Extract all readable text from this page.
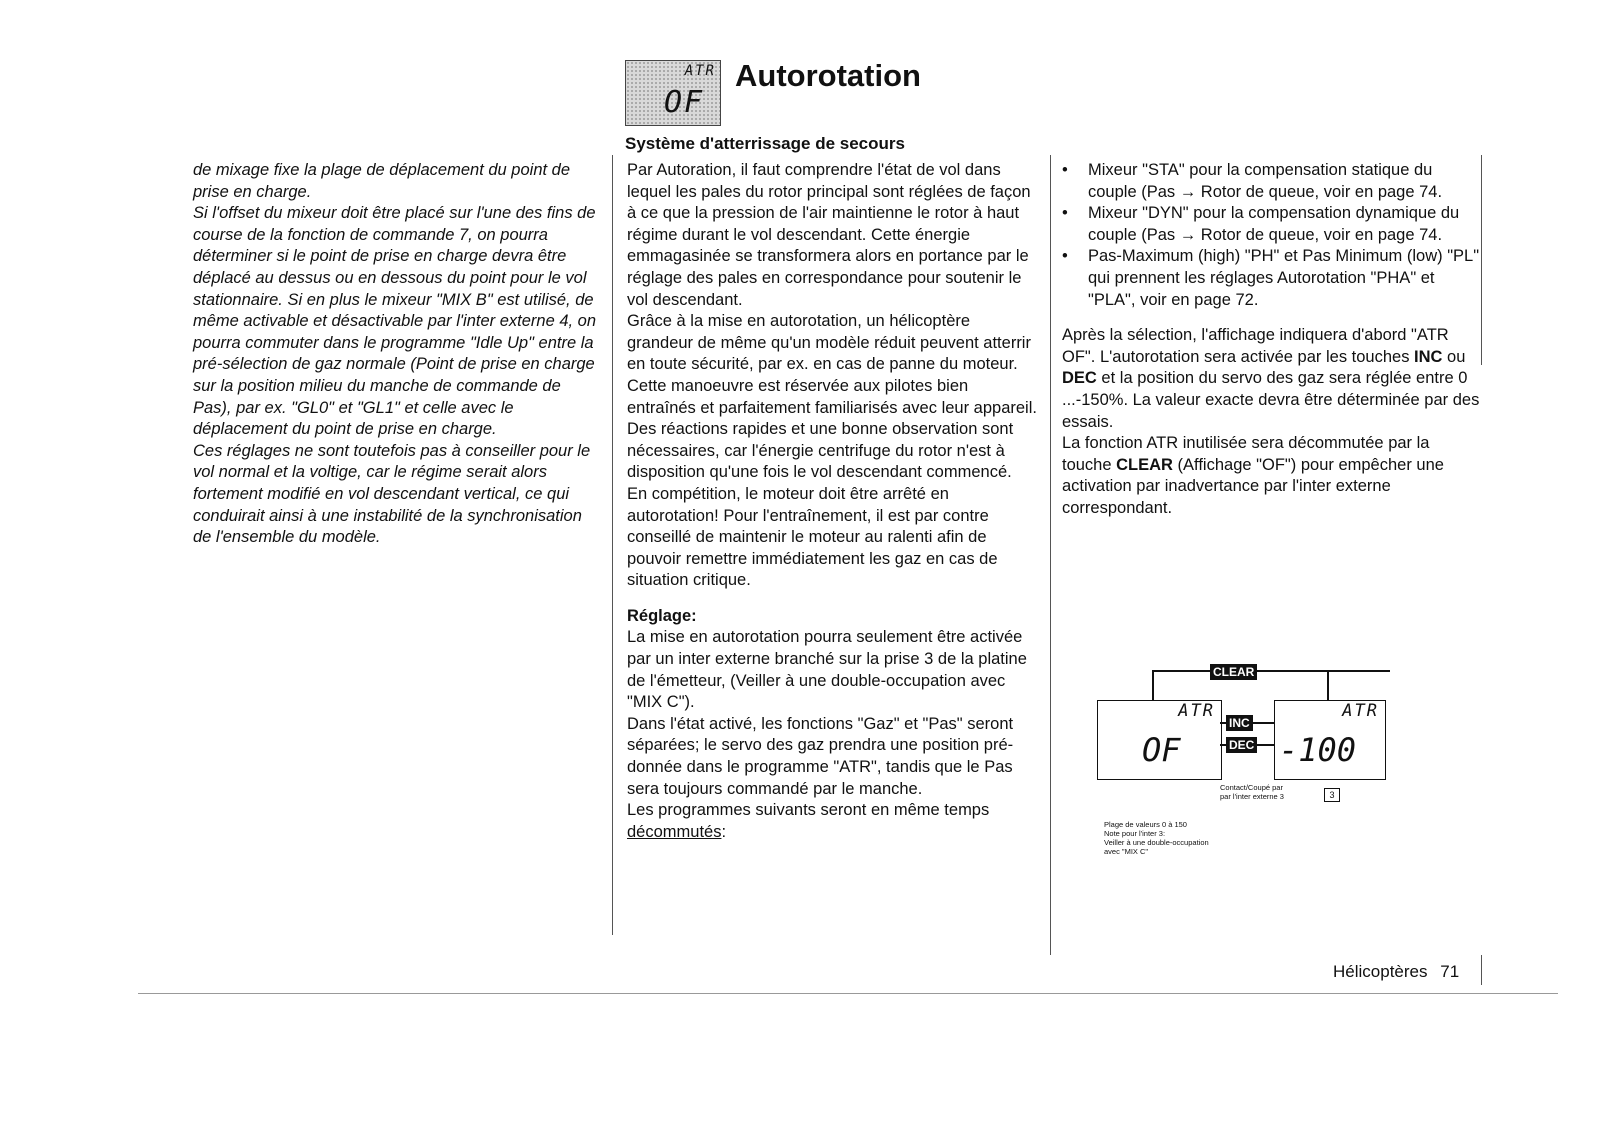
ATR
OF
Autorotation

de mixage fixe la plage de déplacement du point de prise en charge.

Si l'offset du mixeur doit être placé sur l'une des fins de course de la fonction de commande 7, on pourra déterminer si le point de prise en charge devra être déplacé au dessus ou en dessous du point pour le vol stationnaire. Si en plus le mixeur "MIX B" est utilisé, de même activable et désactivable par l'inter externe 4, on pourra commuter dans le programme "Idle Up" entre la pré-sélection de gaz normale (Point de prise en charge sur la position milieu du manche de commande de Pas), par ex. "GL0" et "GL1" et celle avec le déplacement du point de prise en charge.

Ces réglages ne sont toutefois pas à conseiller pour le vol normal et la voltige, car le régime serait alors fortement modifié en vol descendant vertical, ce qui conduirait ainsi à une instabilité de la synchronisation de l'ensemble du modèle.

Système d'atterrissage de secours

Par Autoration, il faut comprendre l'état de vol dans lequel les pales du rotor principal sont réglées de façon à ce que la pression de l'air maintienne le rotor à haut régime durant le vol descendant. Cette énergie emmagasinée se transformera alors en portance par le réglage des pales en correspondance pour soutenir le vol descendant.

Grâce à la mise en autorotation, un hélicoptère grandeur de même qu'un modèle réduit peuvent atterrir en toute sécurité, par ex. en cas de panne du moteur.

Cette manoeuvre est réservée aux pilotes bien entraînés et parfaitement familiarisés avec leur appareil. Des réactions rapides et une bonne observation sont nécessaires, car l'énergie centrifuge du rotor n'est à disposition qu'une fois le vol descendant commencé.

En compétition, le moteur doit être arrêté en autorotation! Pour l'entraînement, il est par contre conseillé de maintenir le moteur au ralenti afin de pouvoir remettre immédiatement les gaz en cas de situation critique.

Réglage:

La mise en autorotation pourra seulement être activée par un inter externe branché sur la prise 3 de la platine de l'émetteur, (Veiller à une double-occupation avec "MIX C").

Dans l'état activé, les fonctions "Gaz" et "Pas" seront séparées; le servo des gaz prendra une position pré-donnée dans le programme "ATR", tandis que le Pas sera toujours commandé par le manche.

Les programmes suivants seront en même temps décommutés:

• Mixeur "STA" pour la compensation statique du couple (Pas → Rotor de queue, voir en page 74.
• Mixeur "DYN" pour la compensation dynamique du couple (Pas → Rotor de queue, voir en page 74.
• Pas-Maximum (high) "PH" et Pas Minimum (low) "PL" qui prennent les réglages Autorotation "PHA" et "PLA", voir en page 72.

Après la sélection, l'affichage indiquera d'abord "ATR OF". L'autorotation sera activée par les touches INC ou DEC et la position du servo des gaz sera réglée entre 0 ...-150%. La valeur exacte devra être déterminée par des essais.

La fonction ATR inutilisée sera décommutée par la touche CLEAR (Affichage "OF") pour empêcher une activation par inadvertance par l'inter externe correspondant.

CLEAR
ATR
OF
ATR
-100
INC
DEC
Contact/Coupé par
par l'inter externe 3	3
Plage de valeurs 0 à 150
Note pour l'inter 3:
Veiller à une double-occupation
avec "MIX C"
Hélicoptères 71
